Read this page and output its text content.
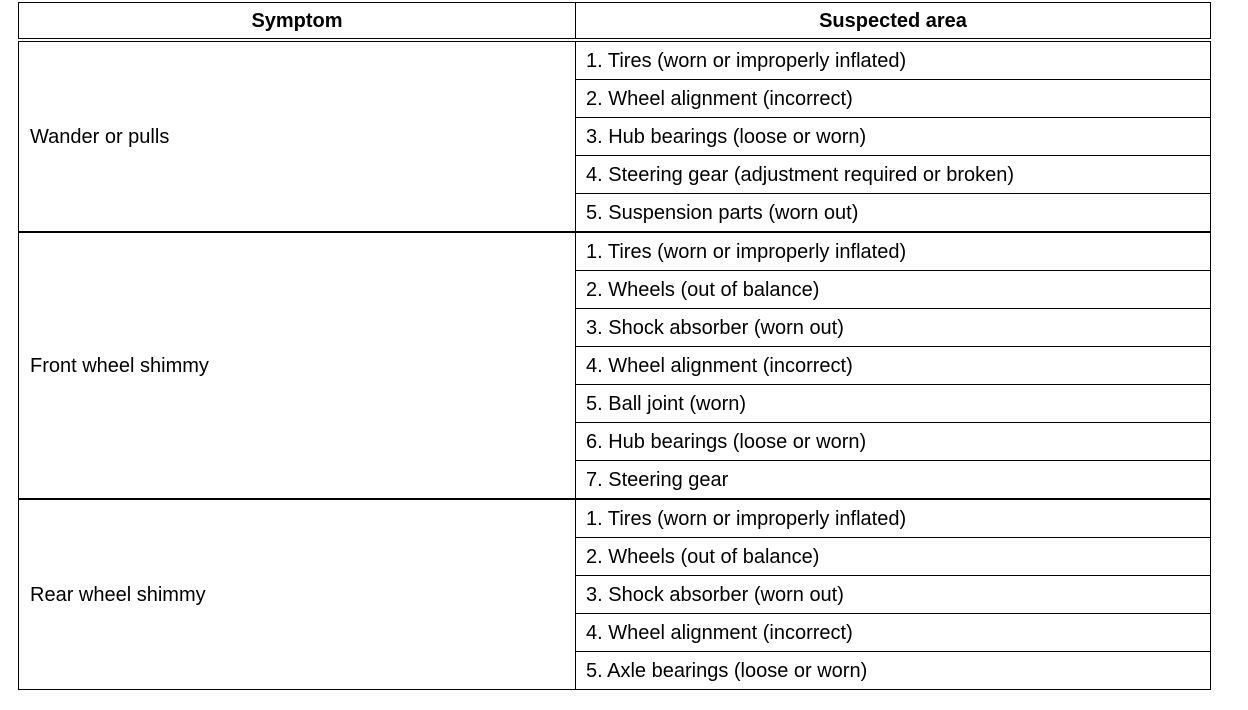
Symptom	Suspected area
Wander or pulls	1. Tires (worn or improperly inflated)
	2. Wheel alignment (incorrect)
	3. Hub bearings (loose or worn)
	4. Steering gear (adjustment required or broken)
	5. Suspension parts (worn out)
Front wheel shimmy	1. Tires (worn or improperly inflated)
	2. Wheels (out of balance)
	3. Shock absorber (worn out)
	4. Wheel alignment (incorrect)
	5. Ball joint (worn)
	6. Hub bearings (loose or worn)
	7. Steering gear
Rear wheel shimmy	1. Tires (worn or improperly inflated)
	2. Wheels (out of balance)
	3. Shock absorber (worn out)
	4. Wheel alignment (incorrect)
	5. Axle bearings (loose or worn)
